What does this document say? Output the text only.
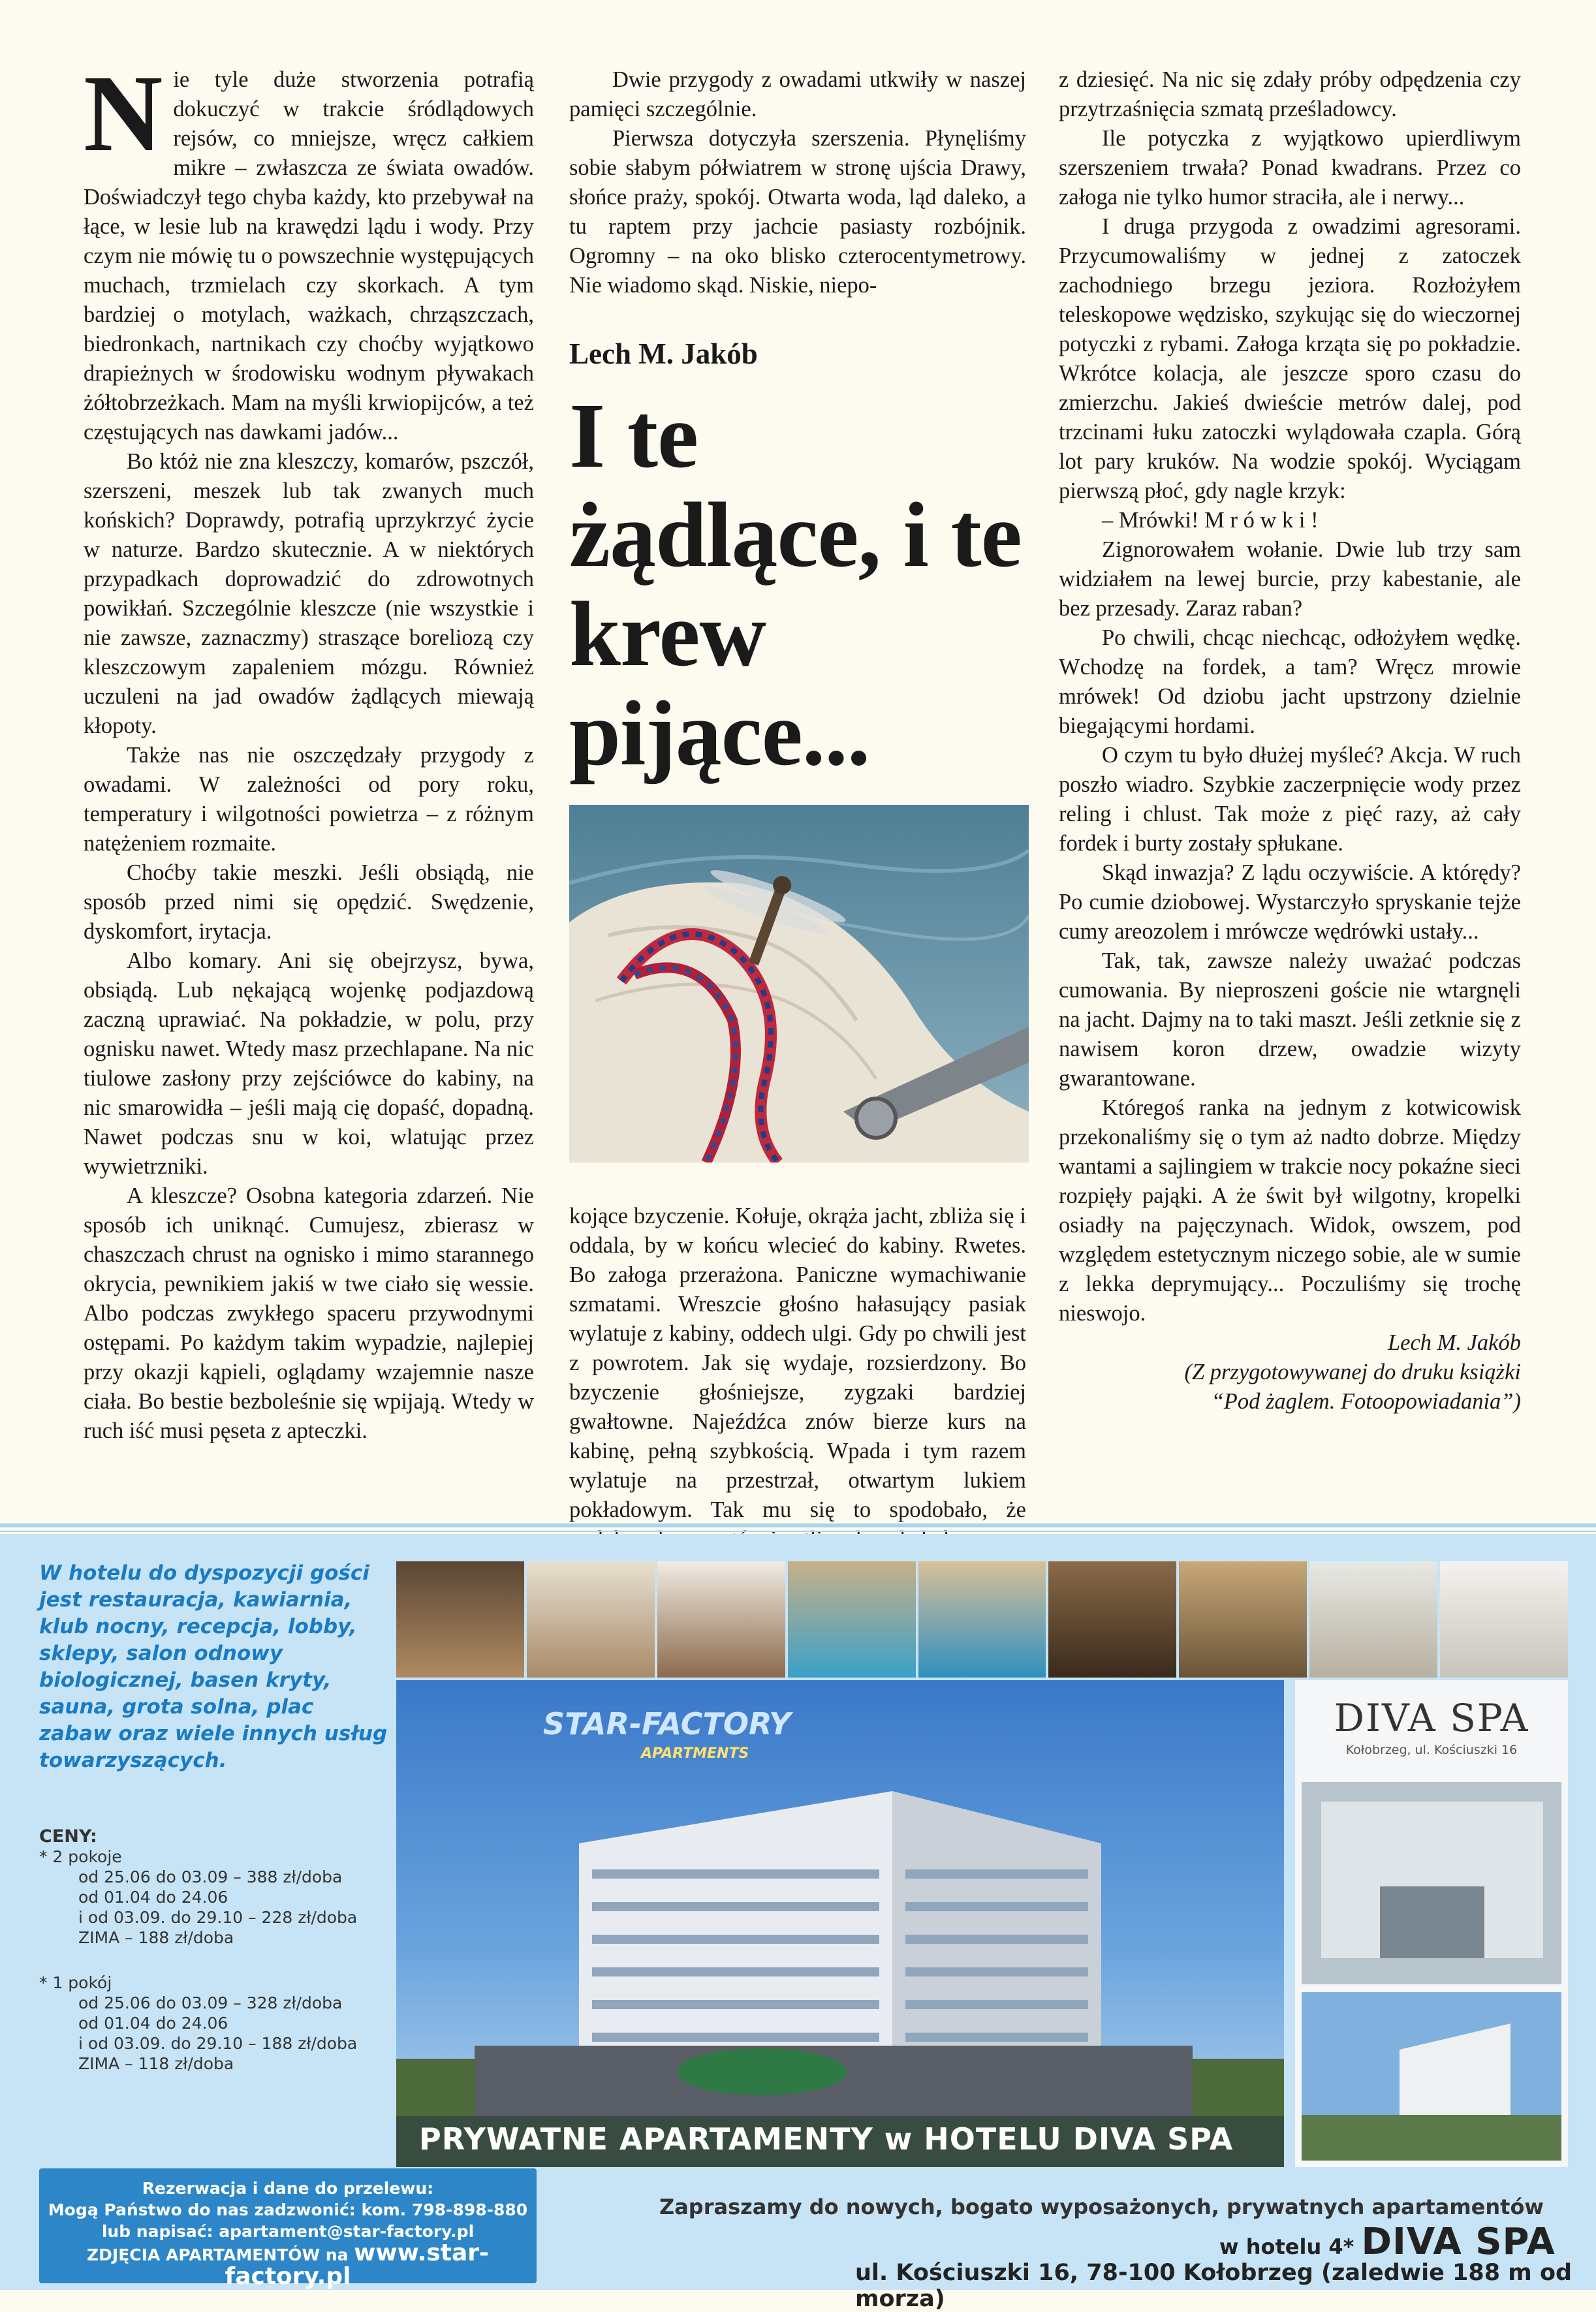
N ie tyle duże stworzenia potrafią dokuczyć w trakcie śródlądowych rejsów, co mniejsze, wręcz całkiem mikre – zwłaszcza ze świata owadów. Doświadczył tego chyba każdy, kto przebywał na łące, w lesie lub na krawędzi lądu i wody. Przy czym nie mówię tu o powszechnie występujących muchach, trzmielach czy skorkach. A tym bardziej o motylach, ważkach, chrząszczach, biedronkach, nartnikach czy choćby wyjątkowo drapieżnych w środowisku wodnym pływakach żółtobrzeżkach. Mam na myśli krwiopijców, a też częstujących nas dawkami jadów...

Bo któż nie zna kleszczy, komarów, pszczół, szerszeni, meszek lub tak zwanych much końskich? Doprawdy, potrafią uprzykrzyć życie w naturze. Bardzo skutecznie. A w niektórych przypadkach doprowadzić do zdrowotnych powikłań. Szczególnie kleszcze (nie wszystkie i nie zawsze, zaznaczmy) straszące boreliozą czy kleszczowym zapaleniem mózgu. Również uczuleni na jad owadów żądlących miewają kłopoty.

Także nas nie oszczędzały przygody z owadami. W zależności od pory roku, temperatury i wilgotności powietrza – z różnym natężeniem rozmaite.

Choćby takie meszki. Jeśli obsiądą, nie sposób przed nimi się opędzić. Swędzenie, dyskomfort, irytacja.

Albo komary. Ani się obejrzysz, bywa, obsiądą. Lub nękającą wojenkę podjazdową zaczną uprawiać. Na pokładzie, w polu, przy ognisku nawet. Wtedy masz przechlapane. Na nic tiulowe zasłony przy zejściówce do kabiny, na nic smarowidła – jeśli mają cię dopaść, dopadną. Nawet podczas snu w koi, wlatując przez wywietrzniki.

A kleszcze? Osobna kategoria zdarzeń. Nie sposób ich uniknąć. Cumujesz, zbierasz w chaszczach chrust na ognisko i mimo starannego okrycia, pewnikiem jakiś w twe ciało się wessie. Albo podczas zwykłego spaceru przywodnymi ostępami. Po każdym takim wypadzie, najlepiej przy okazji kąpieli, oglądamy wzajemnie nasze ciała. Bo bestie bezboleśnie się wpijają. Wtedy w ruch iść musi pęseta z apteczki.

Dwie przygody z owadami utkwiły w naszej pamięci szczególnie.

Pierwsza dotyczyła szerszenia. Płynęliśmy sobie słabym półwiatrem w stronę ujścia Drawy, słońce praży, spokój. Otwarta woda, ląd daleko, a tu raptem przy jachcie pasiasty rozbójnik. Ogromny – na oko blisko czterocentymetrowy. Nie wiadomo skąd. Niskie, niepo-

Lech M. Jakób
I te żądlące, i te krew pijące...

kojące bzyczenie. Kołuje, okrąża jacht, zbliża się i oddala, by w końcu wlecieć do kabiny. Rwetes. Bo załoga przerażona. Paniczne wymachiwanie szmatami. Wreszcie głośno hałasujący pasiak wylatuje z kabiny, oddech ulgi. Gdy po chwili jest z powrotem. Jak się wydaje, rozsierdzony. Bo bzyczenie głośniejsze, zygzaki bardziej gwałtowne. Najeźdźca znów bierze kurs na kabinę, pełną szybkością. Wpada i tym razem wylatuje na przestrzał, otwartym lukiem pokładowym. Tak mu się to spodobało, że

z dziesięć. Na nic się zdały próby odpędzenia czy przytrzaśnięcia szmatą prześladowcy.

Ile potyczka z wyjątkowo upierdliwym szerszeniem trwała? Ponad kwadrans. Przez co załoga nie tylko humor straciła, ale i nerwy...

I druga przygoda z owadzimi agresorami. Przycumowaliśmy w jednej z zatoczek zachodniego brzegu jeziora. Rozłożyłem teleskopowe wędzisko, szykując się do wieczornej potyczki z rybami. Załoga krząta się po pokładzie. Wkrótce kolacja, ale jeszcze sporo czasu do zmierzchu. Jakieś dwieście metrów dalej, pod trzcinami łuku zatoczki wylądowała czapla. Górą lot pary kruków. Na wodzie spokój. Wyciągam pierwszą płoć, gdy nagle krzyk:

– Mrówki! M r ó w k i !

Zignorowałem wołanie. Dwie lub trzy sam widziałem na lewej burcie, przy kabestanie, ale bez przesady. Zaraz raban?

Po chwili, chcąc niechcąc, odłożyłem wędkę. Wchodzę na fordek, a tam? Wręcz mrowie mrówek! Od dziobu jacht upstrzony dzielnie biegającymi hordami.

O czym tu było dłużej myśleć? Akcja. W ruch poszło wiadro. Szybkie zaczerpnięcie wody przez reling i chlust. Tak może z pięć razy, aż cały fordek i burty zostały spłukane.

Skąd inwazja? Z lądu oczywiście. A którędy? Po cumie dziobowej. Wystarczyło spryskanie tejże cumy areozolem i mrówcze wędrówki ustały...

Tak, tak, zawsze należy uważać podczas cumowania. By nieproszeni goście nie wtargnęli na jacht. Dajmy na to taki maszt. Jeśli zetknie się z nawisem koron drzew, owadzie wizyty gwarantowane.

Któregoś ranka na jednym z kotwicowisk przekonaliśmy się o tym aż nadto dobrze. Między wantami a sajlingiem w trakcie nocy pokaźne sieci rozpięły pająki. A że świt był wilgotny, kropelki osiadły na pajęczynach. Widok, owszem, pod względem estetycznym niczego sobie, ale w sumie z lekka deprymujący... Poczuliśmy się trochę nieswojo.

Lech M. Jakób

(Z przygotowywanej do druku książki

“Pod żaglem. Fotoopowiadania”)

W hotelu do dyspozycji gości jest restauracja, kawiarnia, klub nocny, recepcja, lobby, sklepy, salon odnowy biologicznej, basen kryty, sauna, grota solna, plac zabaw oraz wiele innych usług towarzyszących.
CENY:
* 2 pokoje
od 25.06 do 03.09 – 388 zł/doba
od 01.04 do 24.06
i od 03.09. do 29.10 – 228 zł/doba
ZIMA – 188 zł/doba
* 1 pokój
od 25.06 do 03.09 – 328 zł/doba
od 01.04 do 24.06
i od 03.09. do 29.10 – 188 zł/doba
ZIMA – 118 zł/doba
STAR-FACTORY
APARTMENTS
PRYWATNE APARTAMENTY w HOTELU DIVA SPA
DIVA SPA
Kołobrzeg, ul. Kościuszki 16
Rezerwacja i dane do przelewu:
Mogą Państwo do nas zadzwonić: kom. 798-898-880
lub napisać: apartament@star-factory.pl
ZDJĘCIA APARTAMENTÓW na www.star-factory.pl
Zapraszamy do nowych, bogato wyposażonych, prywatnych apartamentów
w hotelu 4* DIVA SPA
ul. Kościuszki 16, 78-100 Kołobrzeg (zaledwie 188 m od morza)
